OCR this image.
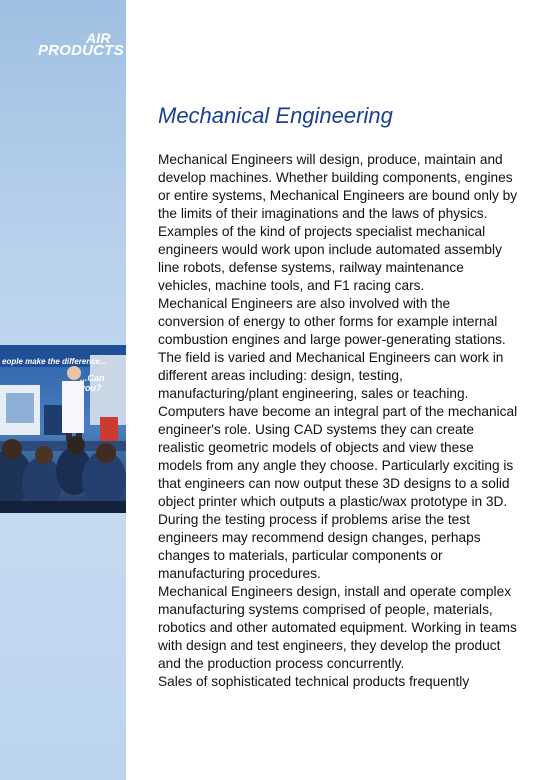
AIR
PRODUCTS
Science
Ambassador
Programme
eople make the difference...
...Can you?
Mechanical Engineering

Mechanical Engineers will design, produce, maintain and develop machines. Whether building components, engines or entire systems, Mechanical Engineers are bound only by the limits of their imaginations and the laws of physics.

Examples of the kind of projects specialist mechanical engineers would work upon include automated assembly line robots, defense systems, railway maintenance vehicles, machine tools, and F1 racing cars.

Mechanical Engineers are also involved with the conversion of energy to other forms for example internal combustion engines and large power-generating stations.

The field is varied and Mechanical Engineers can work in different areas including: design, testing, manufacturing/plant engineering, sales or teaching. Computers have become an integral part of the mechanical engineer's role. Using CAD systems they can create realistic geometric models of objects and view these models from any angle they choose. Particularly exciting is that engineers can now output these 3D designs to a solid object printer which outputs a plastic/wax prototype in 3D. During the testing process if problems arise the test engineers may recommend design changes, perhaps changes to materials, particular components or manufacturing procedures.

Mechanical Engineers design, install and operate complex manufacturing systems comprised of people, materials, robotics and other automated equipment. Working in teams with design and test engineers, they develop the product and the production process concurrently.

Sales of sophisticated technical products frequently
